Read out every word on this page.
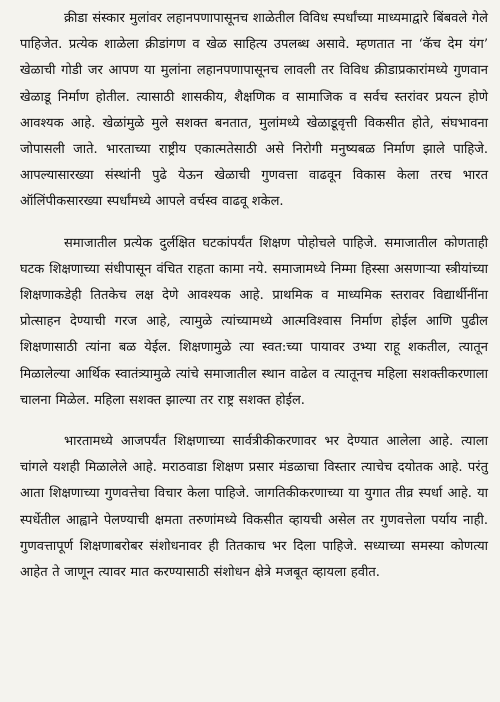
क्रीडा संस्कार मुलांवर लहानपणापासूनच शाळेतील विविध स्पर्धांच्या माध्यमाद्वारे बिंबवले गेले पाहिजेत. प्रत्येक शाळेला क्रीडांगण व खेळ साहित्य उपलब्ध असावे. म्हणतात ना ‘कॅच देम यंग’ खेळाची गोडी जर आपण या मुलांना लहानपणापासूनच लावली तर विविध क्रीडाप्रकारांमध्ये गुणवान खेळाडू निर्माण होतील. त्यासाठी शासकीय, शैक्षणिक व सामाजिक व सर्वच स्तरांवर प्रयत्न होणे आवश्यक आहे. खेळांमुळे मुले सशक्त बनतात, मुलांमध्ये खेळाडूवृत्ती विकसीत होते, संघभावना जोपासली जाते. भारताच्या राष्ट्रीय एकात्मतेसाठी असे निरोगी मनुष्यबळ निर्माण झाले पाहिजे. आपल्यासारख्या संस्थांनी पुढे येऊन खेळाची गुणवत्ता वाढवून विकास केला तरच भारत ऑलिंपीकसारख्या स्पर्धांमध्ये आपले वर्चस्व वाढवू शकेल.

समाजातील प्रत्येक दुर्लक्षित घटकांपर्यंत शिक्षण पोहोचले पाहिजे. समाजातील कोणताही घटक शिक्षणाच्या संधीपासून वंचित राहता कामा नये. समाजामध्ये निम्मा हिस्सा असणाऱ्या स्त्रीयांच्या शिक्षणाकडेही तितकेच लक्ष देणे आवश्यक आहे. प्राथमिक व माध्यमिक स्तरावर विद्यार्थीनींना प्रोत्साहन देण्याची गरज आहे, त्यामुळे त्यांच्यामध्ये आत्मविश्वास निर्माण होईल आणि पुढील शिक्षणासाठी त्यांना बळ येईल. शिक्षणामुळे त्या स्वत:च्या पायावर उभ्या राहू शकतील, त्यातून मिळालेल्या आर्थिक स्वातंत्र्यामुळे त्यांचे समाजातील स्थान वाढेल व त्यातूनच महिला सशक्तीकरणाला चालना मिळेल. महिला सशक्त झाल्या तर राष्ट्र सशक्त होईल.

भारतामध्ये आजपर्यंत शिक्षणाच्या सार्वत्रीकीकरणावर भर देण्यात आलेला आहे. त्याला चांगले यशही मिळालेले आहे. मराठवाडा शिक्षण प्रसार मंडळाचा विस्तार त्याचेच दयोतक आहे. परंतु आता शिक्षणाच्या गुणवत्तेचा विचार केला पाहिजे. जागतिकीकरणाच्या या युगात तीव्र स्पर्धा आहे. या स्पर्धेतील आह्वाने पेलण्याची क्षमता तरुणांमध्ये विकसीत व्हायची असेल तर गुणवत्तेला पर्याय नाही. गुणवत्तापूर्ण शिक्षणाबरोबर संशोधनावर ही तितकाच भर दिला पाहिजे. सध्याच्या समस्या कोणत्या आहेत ते जाणून त्यावर मात करण्यासाठी संशोधन क्षेत्रे मजबूत व्हायला हवीत.
